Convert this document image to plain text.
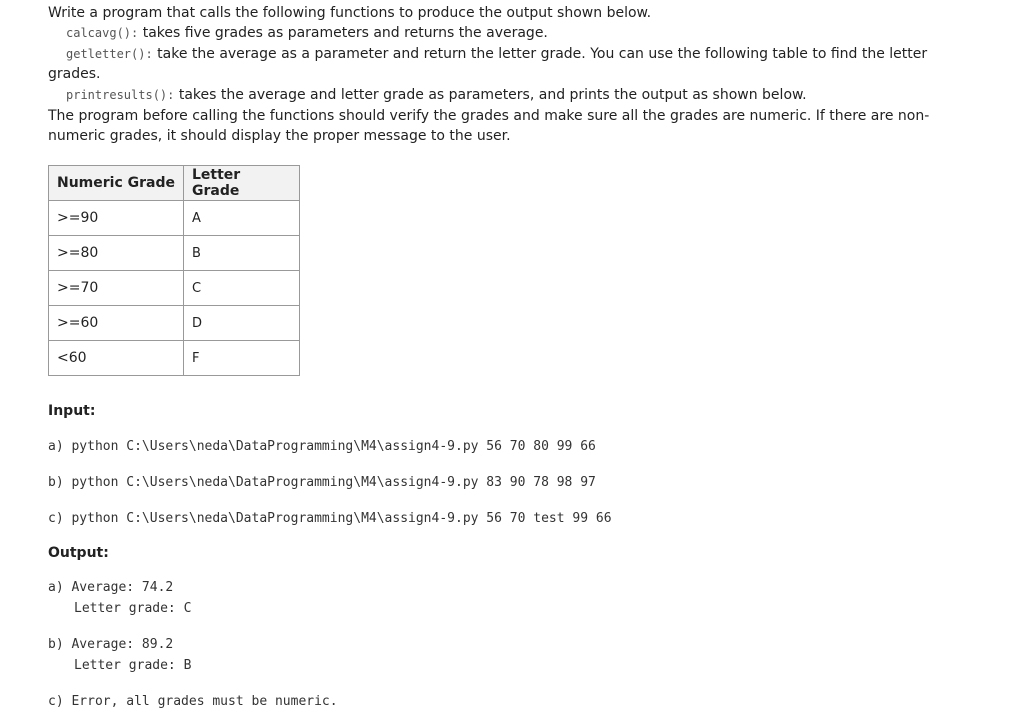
Write a program that calls the following functions to produce the output shown below.
calcavg(): takes five grades as parameters and returns the average.
getletter(): take the average as a parameter and return the letter grade. You can use the following table to find the letter grades.
printresults(): takes the average and letter grade as parameters, and prints the output as shown below.
The program before calling the functions should verify the grades and make sure all the grades are numeric. If there are non-numeric grades, it should display the proper message to the user.
Numeric Grade	Letter Grade
>=90	A
>=80	B
>=70	C
>=60	D
<60	F
Input:
a) python C:\Users\neda\DataProgramming\M4\assign4-9.py 56 70 80 99 66
b) python C:\Users\neda\DataProgramming\M4\assign4-9.py 83 90 78 98 97
c) python C:\Users\neda\DataProgramming\M4\assign4-9.py 56 70 test 99 66
Output:
a) Average: 74.2
Letter grade: C
b) Average: 89.2
Letter grade: B
c) Error, all grades must be numeric.
